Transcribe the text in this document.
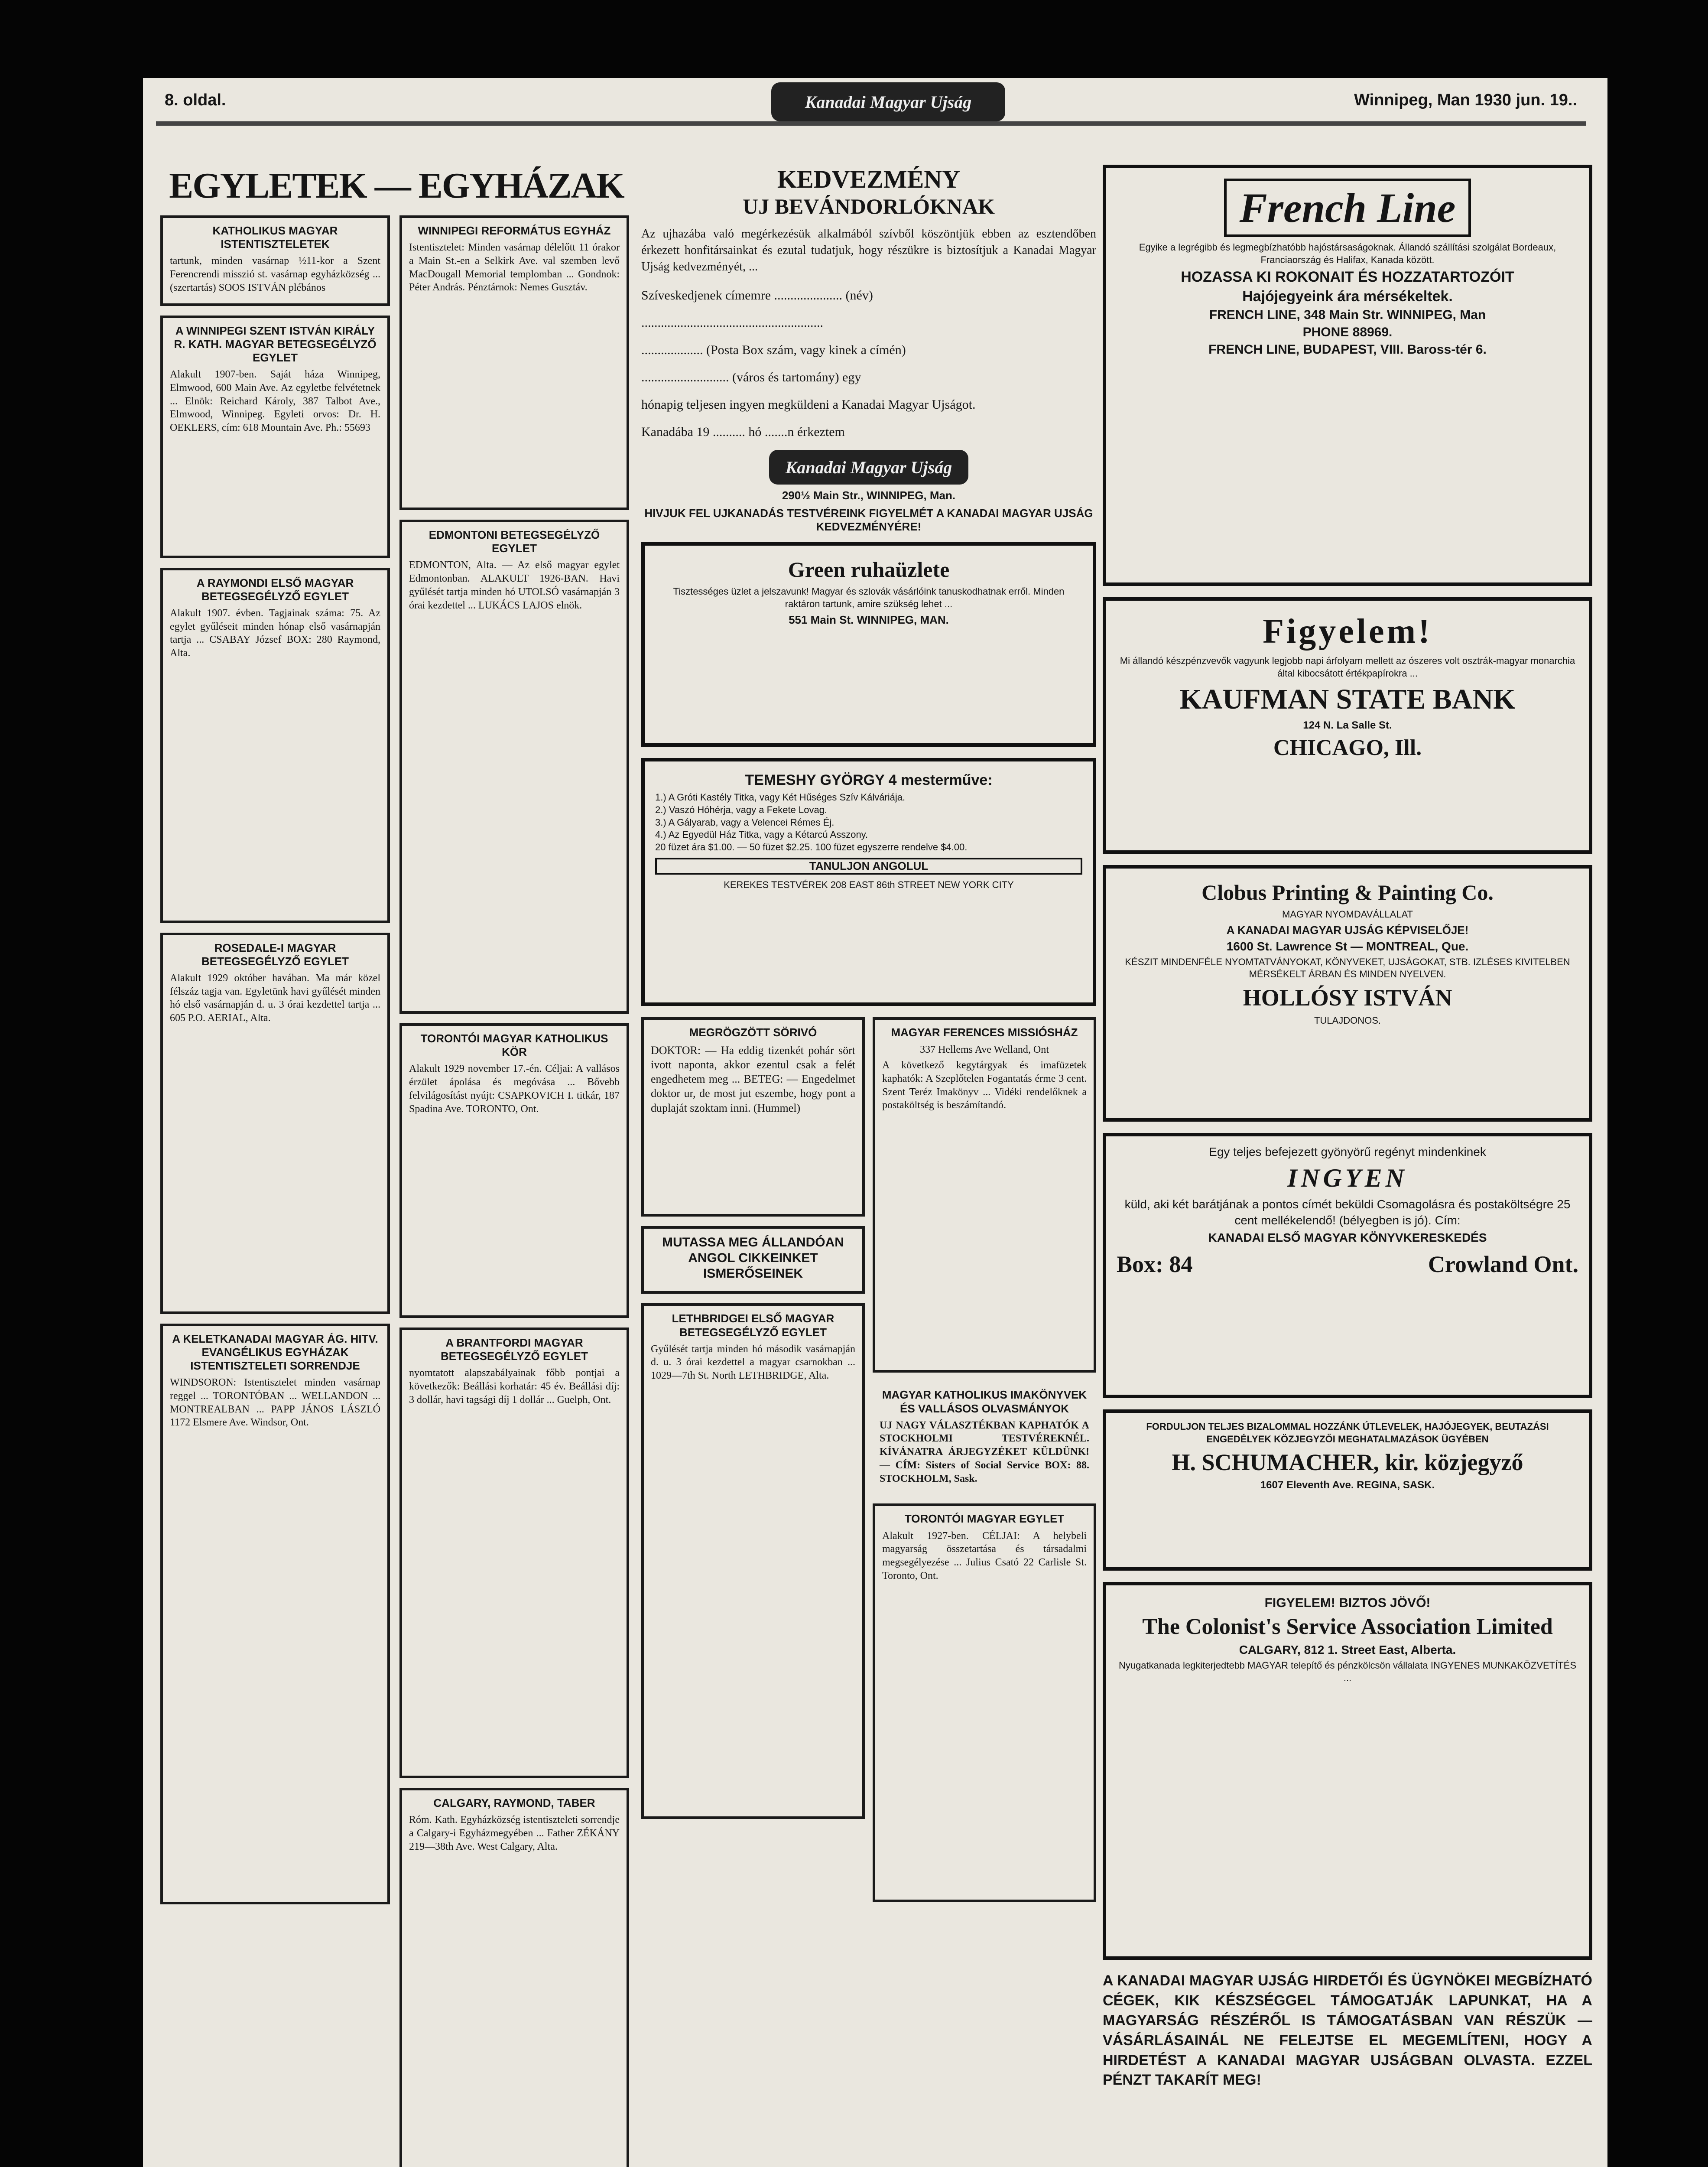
8. oldal.	Kanadai Magyar Ujság	Winnipeg, Man 1930 jun. 19..
EGYLETEK — EGYHÁZAK
KATHOLIKUS MAGYAR ISTENTISZTELETEK

tartunk, minden vasárnap ½11-kor a Szent Ferencrendi misszió st. vasárnap egyházközség ... (szertartás) SOOS ISTVÁN plébános

A WINNIPEGI SZENT ISTVÁN KIRÁLY R. KATH. MAGYAR BETEGSEGÉLYZŐ EGYLET

Alakult 1907-ben. Saját háza Winnipeg, Elmwood, 600 Main Ave. Az egyletbe felvétetnek ... Elnök: Reichard Károly, 387 Talbot Ave., Elmwood, Winnipeg. Egyleti orvos: Dr. H. OEKLERS, cím: 618 Mountain Ave. Ph.: 55693

A RAYMONDI ELSŐ MAGYAR BETEGSEGÉLYZŐ EGYLET

Alakult 1907. évben. Tagjainak száma: 75. Az egylet gyűléseit minden hónap első vasárnapján tartja ... CSABAY József BOX: 280 Raymond, Alta.

ROSEDALE-I MAGYAR BETEGSEGÉLYZŐ EGYLET

Alakult 1929 október havában. Ma már közel félszáz tagja van. Egyletünk havi gyűlését minden hó első vasárnapján d. u. 3 órai kezdettel tartja ... 605 P.O. AERIAL, Alta.

A KELETKANADAI MAGYAR ÁG. HITV. EVANGÉLIKUS EGYHÁZAK ISTENTISZTELETI SORRENDJE

WINDSORON: Istentisztelet minden vasárnap reggel ... TORONTÓBAN ... WELLANDON ... MONTREALBAN ... PAPP JÁNOS LÁSZLÓ 1172 Elsmere Ave. Windsor, Ont.

WINNIPEGI REFORMÁTUS EGYHÁZ

Istentisztelet: Minden vasárnap délelőtt 11 órakor a Main St.-en a Selkirk Ave. val szemben levő MacDougall Memorial templomban ... Gondnok: Péter András. Pénztárnok: Nemes Gusztáv.

EDMONTONI BETEGSEGÉLYZŐ EGYLET

EDMONTON, Alta. — Az első magyar egylet Edmontonban. ALAKULT 1926-BAN. Havi gyűlését tartja minden hó UTOLSÓ vasárnapján 3 órai kezdettel ... LUKÁCS LAJOS elnök.

TORONTÓI MAGYAR KATHOLIKUS KÖR

Alakult 1929 november 17.-én. Céljai: A vallásos érzület ápolása és megóvása ... Bővebb felvilágosítást nyújt: CSAPKOVICH I. titkár, 187 Spadina Ave. TORONTO, Ont.

A BRANTFORDI MAGYAR BETEGSEGÉLYZŐ EGYLET

nyomtatott alapszabályainak főbb pontjai a következők: Beállási korhatár: 45 év. Beállási díj: 3 dollár, havi tagsági díj 1 dollár ... Guelph, Ont.

CALGARY, RAYMOND, TABER

Róm. Kath. Egyházközség istentiszteleti sorrendje a Calgary-i Egyházmegyében ... Father ZÉKÁNY 219—38th Ave. West Calgary, Alta.

KEDVEZMÉNY

UJ BEVÁNDORLÓKNAK

Az ujhazába való megérkezésük alkalmából szívből köszöntjük ebben az esztendőben érkezett honfitársainkat és ezutal tudatjuk, hogy részükre is biztosítjuk a Kanadai Magyar Ujság kedvezményét, ...

Szíveskedjenek címemre ..................... (név)
........................................................
................... (Posta Box szám, vagy kinek a címén)
........................... (város és tartomány) egy
hónapig teljesen ingyen megküldeni a Kanadai Magyar Ujságot.
Kanadába 19 .......... hó .......n érkeztem
Kanadai Magyar Ujság
290½ Main Str., WINNIPEG, Man.
HIVJUK FEL UJKANADÁS TESTVÉREINK FIGYELMÉT A KANADAI MAGYAR UJSÁG KEDVEZMÉNYÉRE!
Green ruhaüzlete
Tisztességes üzlet a jelszavunk! Magyar és szlovák vásárlóink tanuskodhatnak erről. Minden raktáron tartunk, amire szükség lehet ...
551 Main St. WINNIPEG, MAN.
TEMESHY GYÖRGY 4 mesterműve:
1.) A Gróti Kastély Titka, vagy Két Hűséges Szív Kálváriája.
2.) Vaszó Hóhérja, vagy a Fekete Lovag.
3.) A Gályarab, vagy a Velencei Rémes Éj.
4.) Az Egyedül Ház Titka, vagy a Kétarcú Asszony.
20 füzet ára $1.00. — 50 füzet $2.25. 100 füzet egyszerre rendelve $4.00.
TANULJON ANGOLUL
KEREKES TESTVÉREK 208 EAST 86th STREET NEW YORK CITY
MEGRÖGZÖTT SÖRIVÓ

DOKTOR: — Ha eddig tizenkét pohár sört ivott naponta, akkor ezentul csak a felét engedhetem meg ... BETEG: — Engedelmet doktor ur, de most jut eszembe, hogy pont a duplaját szoktam inni. (Hummel)

MUTASSA MEG ÁLLANDÓAN ANGOL CIKKEINKET ISMERŐSEINEK
LETHBRIDGEI ELSŐ MAGYAR BETEGSEGÉLYZŐ EGYLET

Gyűlését tartja minden hó második vasárnapján d. u. 3 órai kezdettel a magyar csarnokban ... 1029—7th St. North LETHBRIDGE, Alta.

MAGYAR FERENCES MISSIÓSHÁZ

337 Hellems Ave Welland, Ont

A következő kegytárgyak és imafüzetek kaphatók: A Szeplőtelen Fogantatás érme 3 cent. Szent Teréz Imakönyv ... Vidéki rendelőknek a postaköltség is beszámítandó.

MAGYAR KATHOLIKUS IMAKÖNYVEK ÉS VALLÁSOS OLVASMÁNYOK

UJ NAGY VÁLASZTÉKBAN KAPHATÓK A STOCKHOLMI TESTVÉREKNÉL. KÍVÁNATRA ÁRJEGYZÉKET KÜLDÜNK! — CÍM: Sisters of Social Service BOX: 88. STOCKHOLM, Sask.

TORONTÓI MAGYAR EGYLET

Alakult 1927-ben. CÉLJAI: A helybeli magyarság összetartása és társadalmi megsegélyezése ... Julius Csató 22 Carlisle St. Toronto, Ont.

French Line
Egyike a legrégibb és legmegbízhatóbb hajóstársaságoknak. Állandó szállítási szolgálat Bordeaux, Franciaország és Halifax, Kanada között.
HOZASSA KI ROKONAIT ÉS HOZZATARTOZÓIT
Hajójegyeink ára mérsékeltek.
FRENCH LINE, 348 Main Str. WINNIPEG, Man
PHONE 88969.
FRENCH LINE, BUDAPEST, VIII. Baross-tér 6.
Figyelem!
Mi állandó készpénzvevők vagyunk legjobb napi árfolyam mellett az ószeres volt osztrák-magyar monarchia által kibocsátott értékpapírokra ...
KAUFMAN STATE BANK
124 N. La Salle St.
CHICAGO, Ill.
Clobus Printing & Painting Co.
MAGYAR NYOMDAVÁLLALAT
A KANADAI MAGYAR UJSÁG KÉPVISELŐJE!
1600 St. Lawrence St — MONTREAL, Que.
KÉSZIT MINDENFÉLE NYOMTATVÁNYOKAT, KÖNYVEKET, UJSÁGOKAT, STB. IZLÉSES KIVITELBEN MÉRSÉKELT ÁRBAN ÉS MINDEN NYELVEN.
HOLLÓSY ISTVÁN
TULAJDONOS.
Egy teljes befejezett gyönyörű regényt mindenkinek
INGYEN
küld, aki két barátjának a pontos címét beküldi Csomagolásra és postaköltségre 25 cent mellékelendő! (bélyegben is jó). Cím:
KANADAI ELSŐ MAGYAR KÖNYVKERESKEDÉS
Box: 84	Crowland Ont.
FORDULJON TELJES BIZALOMMAL HOZZÁNK ÚTLEVELEK, HAJÓJEGYEK, BEUTAZÁSI ENGEDÉLYEK KÖZJEGYZŐI MEGHATALMAZÁSOK ÜGYÉBEN
H. SCHUMACHER, kir. közjegyző
1607 Eleventh Ave. REGINA, SASK.
FIGYELEM! BIZTOS JÖVŐ!
The Colonist's Service Association Limited
CALGARY, 812 1. Street East, Alberta.
Nyugatkanada legkiterjedtebb MAGYAR telepítő és pénzkölcsön vállalata INGYENES MUNKAKÖZVETÍTÉS ...
A KANADAI MAGYAR UJSÁG HIRDETŐI ÉS ÜGYNÖKEI MEGBÍZHATÓ CÉGEK, KIK KÉSZSÉGGEL TÁMOGATJÁK LAPUNKAT, HA A MAGYARSÁG RÉSZÉRŐL IS TÁMOGATÁSBAN VAN RÉSZÜK — VÁSÁRLÁSAINÁL NE FELEJTSE EL MEGEMLÍTENI, HOGY A HIRDETÉST A KANADAI MAGYAR UJSÁGBAN OLVASTA. EZZEL PÉNZT TAKARÍT MEG!
